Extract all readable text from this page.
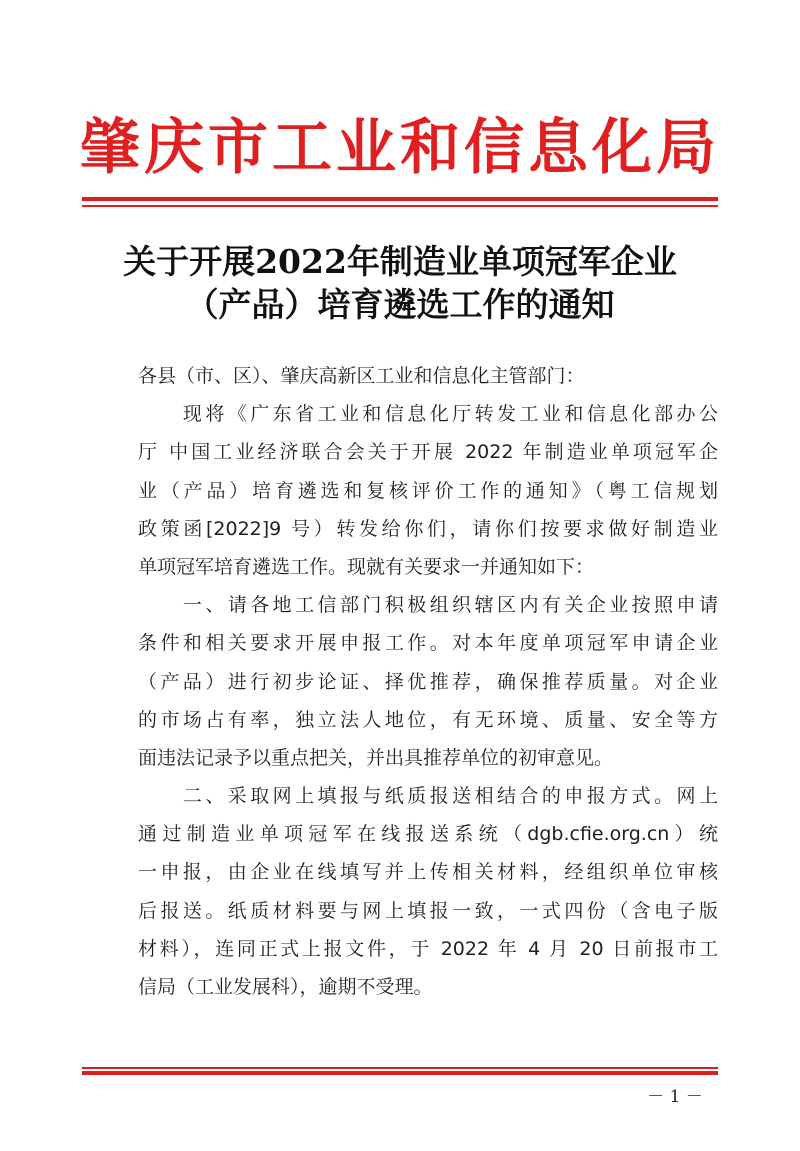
肇庆市工业和信息化局
关于开展2022年制造业单项冠军企业
（产品）培育遴选工作的通知
各县（市、区）、肇庆高新区工业和信息化主管部门：
　　现将《广东省工业和信息化厅转发工业和信息化部办公
厅 中国工业经济联合会关于开展 2022 年制造业单项冠军企
业（产品）培育遴选和复核评价工作的通知》（粤工信规划
政策函[2022]9 号）转发给你们，请你们按要求做好制造业
单项冠军培育遴选工作。现就有关要求一并通知如下：
　　一、请各地工信部门积极组织辖区内有关企业按照申请
条件和相关要求开展申报工作。对本年度单项冠军申请企业
（产品）进行初步论证、择优推荐，确保推荐质量。对企业
的市场占有率，独立法人地位，有无环境、质量、安全等方
面违法记录予以重点把关，并出具推荐单位的初审意见。
　　二、采取网上填报与纸质报送相结合的申报方式。网上
通过制造业单项冠军在线报送系统（dgb.cfie.org.cn）统
一申报，由企业在线填写并上传相关材料，经组织单位审核
后报送。纸质材料要与网上填报一致，一式四份（含电子版
材料），连同正式上报文件，于 2022 年 4 月 20 日前报市工
信局（工业发展科），逾期不受理。
－ 1 －
